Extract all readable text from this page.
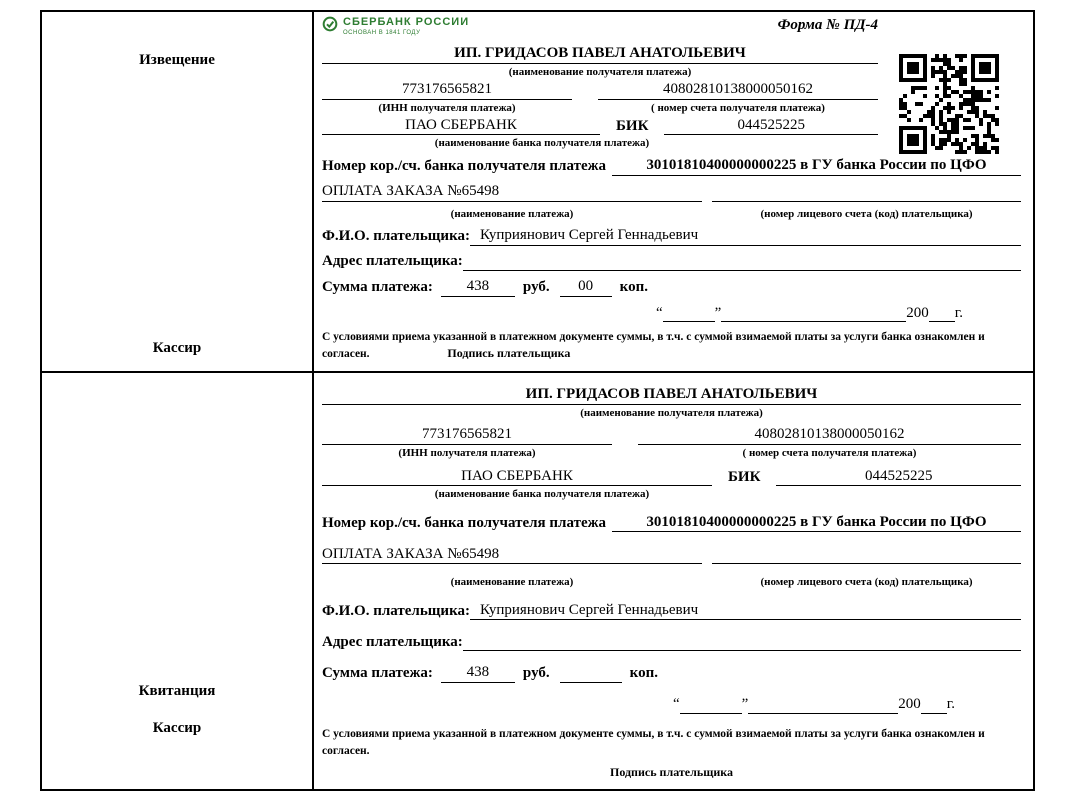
Извещение
Кассир
СБЕРБАНК РОССИИ
ОСНОВАН В 1841 ГОДУ	Форма № ПД-4
ИП. ГРИДАСОВ ПАВЕЛ АНАТОЛЬЕВИЧ
(наименование получателя платежа)
773176565821	40802810138000050162
(ИНН получателя платежа)	( номер счета получателя платежа)
ПАО СБЕРБАНК	БИК	044525225
(наименование банка получателя платежа)
Номер кор./сч. банка получателя платежа	30101810400000000225 в ГУ банка России по ЦФО
ОПЛАТА ЗАКАЗА №65498
(наименование платежа)	(номер лицевого счета (код) плательщика)
Ф.И.О. плательщика: Куприянович Сергей Геннадьевич
Адрес плательщика:
Сумма платежа:	438	руб.	00	коп.
“	”	200 г.
С условиями приема указанной в платежном документе суммы, в т.ч. с суммой взимаемой платы за услуги банка ознакомлен и согласен.	Подпись плательщика
Квитанция
Кассир
ИП. ГРИДАСОВ ПАВЕЛ АНАТОЛЬЕВИЧ
(наименование получателя платежа)
773176565821	40802810138000050162
(ИНН получателя платежа)	( номер счета получателя платежа)
ПАО СБЕРБАНК	БИК	044525225
(наименование банка получателя платежа)
Номер кор./сч. банка получателя платежа	30101810400000000225 в ГУ банка России по ЦФО
ОПЛАТА ЗАКАЗА №65498
(наименование платежа)	(номер лицевого счета (код) плательщика)
Ф.И.О. плательщика: Куприянович Сергей Геннадьевич
Адрес плательщика:
Сумма платежа:	438	руб.	коп.
“	”	200 г.
С условиями приема указанной в платежном документе суммы, в т.ч. с суммой взимаемой платы за услуги банка ознакомлен и согласен.
Подпись плательщика
